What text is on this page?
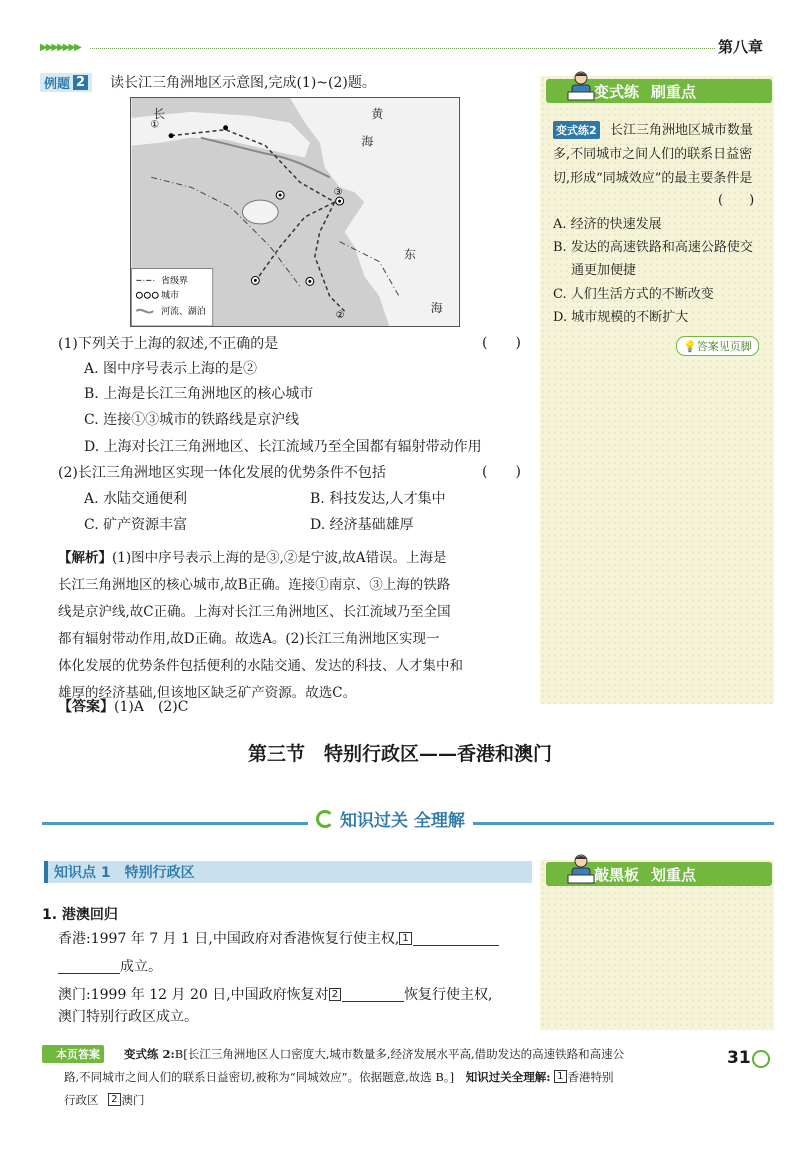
▶▶▶▶▶▶▶	第八章
例题 2 读长江三角洲地区示意图,完成(1)~(2)题。
①
③
②
长	黄
海
东
海
省级界
城市
河流、湖泊
(1)下列关于上海的叙述,不正确的是	(　　)
A. 图中序号表示上海的是②
B. 上海是长江三角洲地区的核心城市
C. 连接①③城市的铁路线是京沪线
D. 上海对长江三角洲地区、长江流域乃至全国都有辐射带动作用
(2)长江三角洲地区实现一体化发展的优势条件不包括	(　　)
A. 水陆交通便利	B. 科技发达,人才集中
C. 矿产资源丰富	D. 经济基础雄厚
【解析】(1)图中序号表示上海的是③,②是宁波,故A错误。上海是
长江三角洲地区的核心城市,故B正确。连接①南京、③上海的铁路
线是京沪线,故C正确。上海对长江三角洲地区、长江流域乃至全国
都有辐射带动作用,故D正确。故选A。(2)长江三角洲地区实现一
体化发展的优势条件包括便利的水陆交通、发达的科技、人才集中和
雄厚的经济基础,但该地区缺乏矿产资源。故选C。
【答案】(1)A　(2)C
变式练 刷重点
变式练2 长江三角洲地区城市数量
多,不同城市之间人们的联系日益密
切,形成“同城效应”的最主要条件是
(　　)
A. 经济的快速发展
B. 发达的高速铁路和高速公路使交
通更加便捷
C. 人们生活方式的不断改变
D. 城市规模的不断扩大
💡答案见页脚
第三节　特别行政区——香港和澳门
知识过关 全理解
知识点 1 特别行政区	敲黑板 划重点
1. 港澳回归
香港:1997 年 7 月 1 日,中国政府对香港恢复行使主权, 1
成立。
澳门:1999 年 12 月 20 日,中国政府恢复对 2	恢复行使主权,
澳门特别行政区成立。
本页答案	变式练 2:B[长江三角洲地区人口密度大,城市数量多,经济发展水平高,借助发达的高速铁路和高速公
路,不同城市之间人们的联系日益密切,被称为“同城效应”。依据题意,故选 B。] 知识过关全理解: 1 香港特别
行政区 2 澳门
31
